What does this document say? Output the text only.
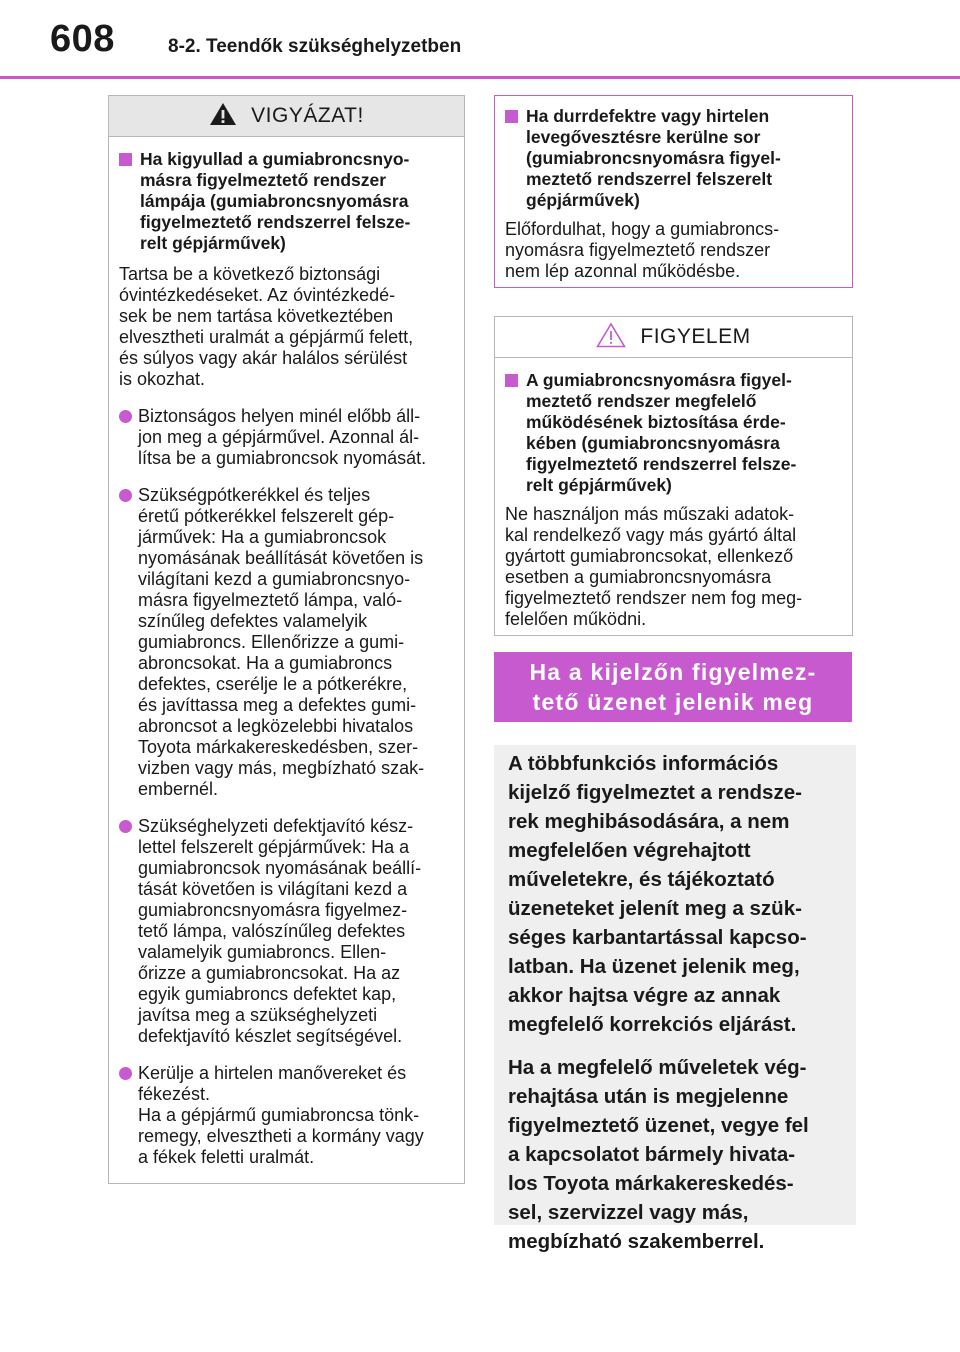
608	8-2. Teendők szükséghelyzetben
VIGYÁZAT!
Ha kigyullad a gumiabroncsnyo-
másra figyelmeztető rendszer
lámpája (gumiabroncsnyomásra
figyelmeztető rendszerrel felsze-
relt gépjárművek)

Tartsa be a következő biztonsági
óvintézkedéseket. Az óvintézkedé-
sek be nem tartása következtében
elvesztheti uralmát a gépjármű felett,
és súlyos vagy akár halálos sérülést
is okozhat.

Biztonságos helyen minél előbb áll-
jon meg a gépjárművel. Azonnal ál-
lítsa be a gumiabroncsok nyomását.
Szükségpótkerékkel és teljes
éretű pótkerékkel felszerelt gép-
járművek: Ha a gumiabroncsok
nyomásának beállítását követően is
világítani kezd a gumiabroncsnyo-
másra figyelmeztető lámpa, való-
színűleg defektes valamelyik
gumiabroncs. Ellenőrizze a gumi-
abroncsokat. Ha a gumiabroncs
defektes, cserélje le a pótkerékre,
és javíttassa meg a defektes gumi-
abroncsot a legközelebbi hivatalos
Toyota márkakereskedésben, szer-
vizben vagy más, megbízható szak-
embernél.
Szükséghelyzeti defektjavító kész-
lettel felszerelt gépjárművek: Ha a
gumiabroncsok nyomásának beállí-
tását követően is világítani kezd a
gumiabroncsnyomásra figyelmez-
tető lámpa, valószínűleg defektes
valamelyik gumiabroncs. Ellen-
őrizze a gumiabroncsokat. Ha az
egyik gumiabroncs defektet kap,
javítsa meg a szükséghelyzeti
defektjavító készlet segítségével.
Kerülje a hirtelen manővereket és
fékezést.
Ha a gépjármű gumiabroncsa tönk-
remegy, elvesztheti a kormány vagy
a fékek feletti uralmát.
Ha durrdefektre vagy hirtelen
levegővesztésre kerülne sor
(gumiabroncsnyomásra figyel-
meztető rendszerrel felszerelt
gépjárművek)

Előfordulhat, hogy a gumiabroncs-
nyomásra figyelmeztető rendszer
nem lép azonnal működésbe.

FIGYELEM
A gumiabroncsnyomásra figyel-
meztető rendszer megfelelő
működésének biztosítása érde-
kében (gumiabroncsnyomásra
figyelmeztető rendszerrel felsze-
relt gépjárművek)

Ne használjon más műszaki adatok-
kal rendelkező vagy más gyártó által
gyártott gumiabroncsokat, ellenkező
esetben a gumiabroncsnyomásra
figyelmeztető rendszer nem fog meg-
felelően működni.

Ha a kijelzőn figyelmez-
tető üzenet jelenik meg

A többfunkciós információs
kijelző figyelmeztet a rendsze-
rek meghibásodására, a nem
megfelelően végrehajtott
műveletekre, és tájékoztató
üzeneteket jelenít meg a szük-
séges karbantartással kapcso-
latban. Ha üzenet jelenik meg,
akkor hajtsa végre az annak
megfelelő korrekciós eljárást.

Ha a megfelelő műveletek vég-
rehajtása után is megjelenne
figyelmeztető üzenet, vegye fel
a kapcsolatot bármely hivata-
los Toyota márkakereskedés-
sel, szervizzel vagy más,
megbízható szakemberrel.
